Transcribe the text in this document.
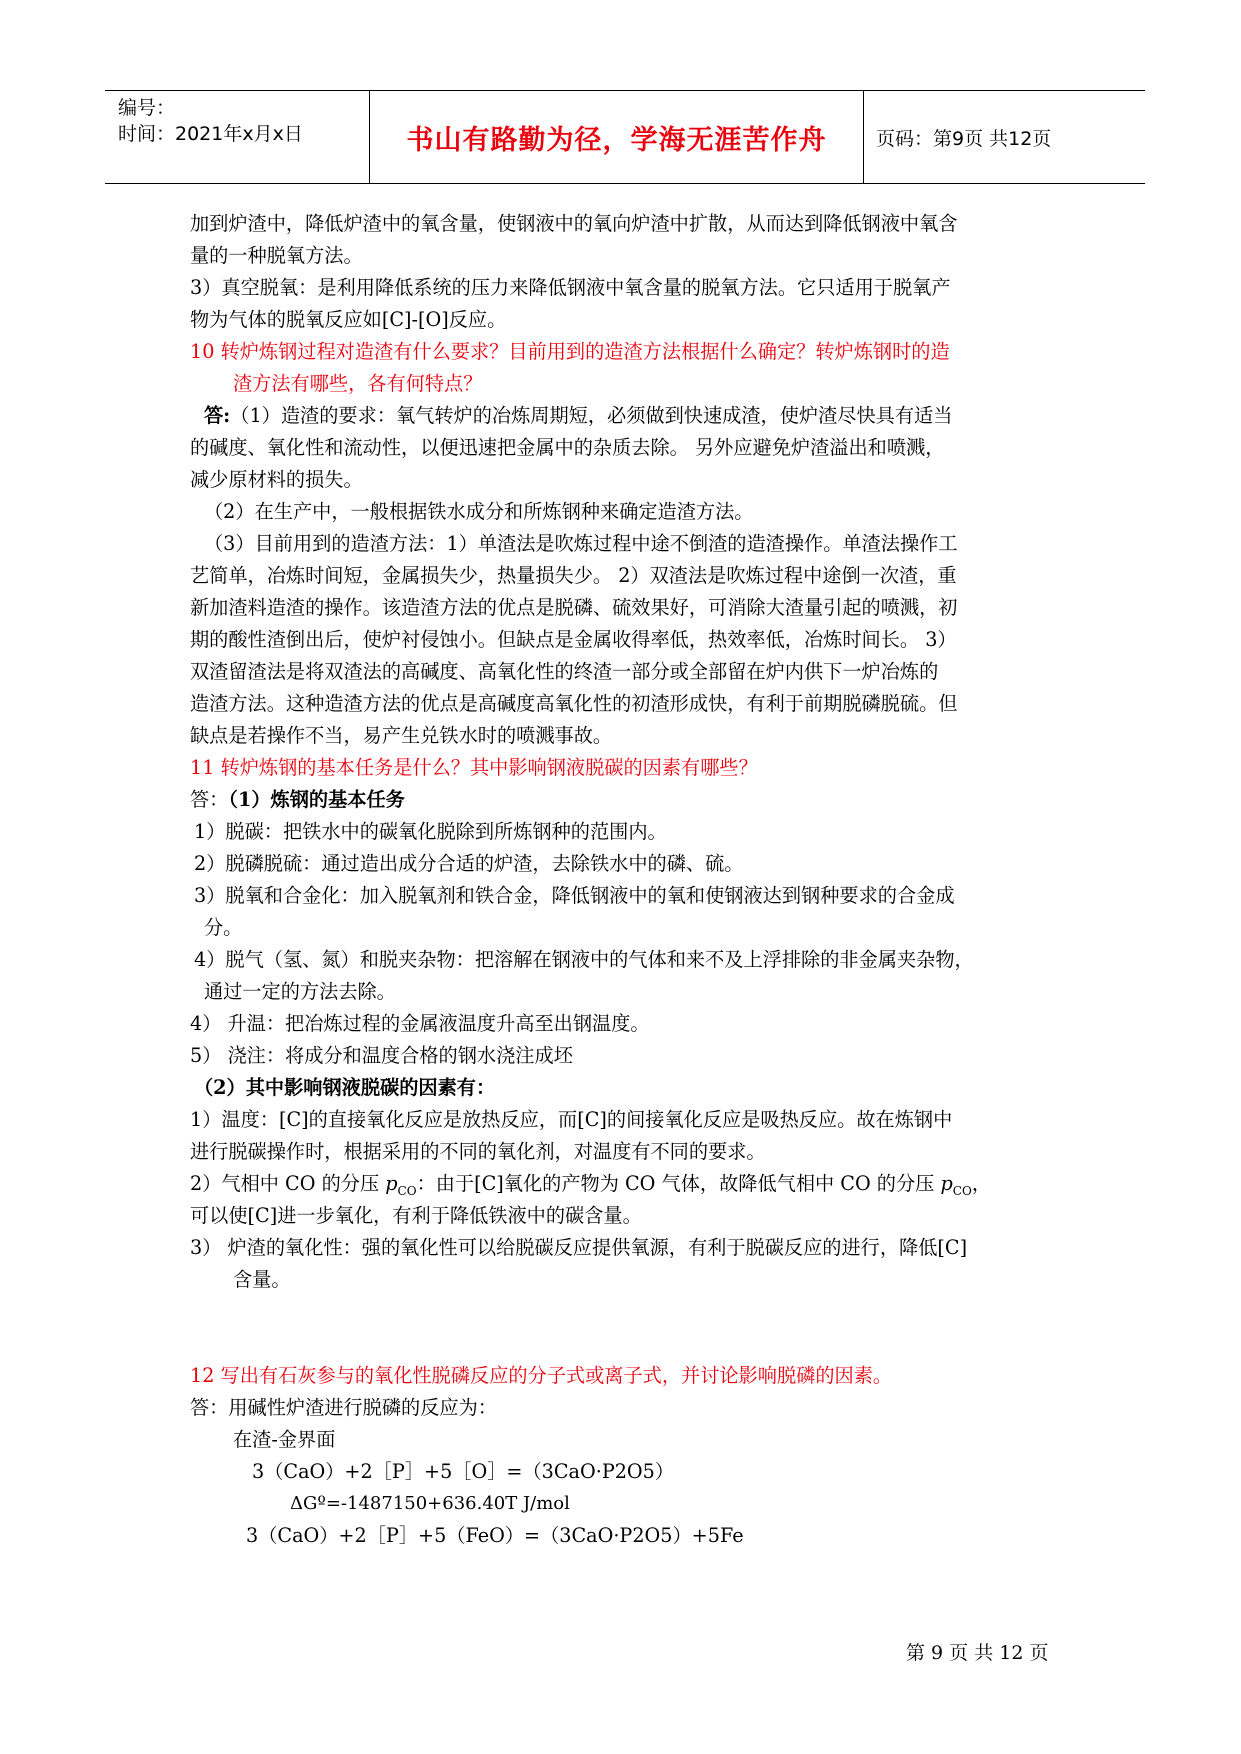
编号：
时间：2021年x月x日	书山有路勤为径，学海无涯苦作舟	页码：第9页 共12页
加到炉渣中，降低炉渣中的氧含量，使钢液中的氧向炉渣中扩散，从而达到降低钢液中氧含
量的一种脱氧方法。
3）真空脱氧：是利用降低系统的压力来降低钢液中氧含量的脱氧方法。它只适用于脱氧产
物为气体的脱氧反应如[C]-[O]反应。
10 转炉炼钢过程对造渣有什么要求？目前用到的造渣方法根据什么确定？转炉炼钢时的造
渣方法有哪些，各有何特点？
答:（1）造渣的要求：氧气转炉的冶炼周期短，必须做到快速成渣，使炉渣尽快具有适当
的碱度、氧化性和流动性，以便迅速把金属中的杂质去除。 另外应避免炉渣溢出和喷溅，
减少原材料的损失。
（2）在生产中，一般根据铁水成分和所炼钢种来确定造渣方法。
（3）目前用到的造渣方法：1）单渣法是吹炼过程中途不倒渣的造渣操作。单渣法操作工
艺简单，冶炼时间短，金属损失少，热量损失少。 2）双渣法是吹炼过程中途倒一次渣，重
新加渣料造渣的操作。该造渣方法的优点是脱磷、硫效果好，可消除大渣量引起的喷溅，初
期的酸性渣倒出后，使炉衬侵蚀小。但缺点是金属收得率低，热效率低，冶炼时间长。 3）
双渣留渣法是将双渣法的高碱度、高氧化性的终渣一部分或全部留在炉内供下一炉冶炼的
造渣方法。这种造渣方法的优点是高碱度高氧化性的初渣形成快，有利于前期脱磷脱硫。但
缺点是若操作不当，易产生兑铁水时的喷溅事故。
11 转炉炼钢的基本任务是什么？其中影响钢液脱碳的因素有哪些？
答：（1）炼钢的基本任务
1）脱碳：把铁水中的碳氧化脱除到所炼钢种的范围内。
2）脱磷脱硫：通过造出成分合适的炉渣，去除铁水中的磷、硫。
3）脱氧和合金化：加入脱氧剂和铁合金，降低钢液中的氧和使钢液达到钢种要求的合金成
分。
4）脱气（氢、氮）和脱夹杂物：把溶解在钢液中的气体和来不及上浮排除的非金属夹杂物，
通过一定的方法去除。
4） 升温：把冶炼过程的金属液温度升高至出钢温度。
5） 浇注：将成分和温度合格的钢水浇注成坯
（2）其中影响钢液脱碳的因素有：
1）温度：[C]的直接氧化反应是放热反应，而[C]的间接氧化反应是吸热反应。故在炼钢中
进行脱碳操作时，根据采用的不同的氧化剂，对温度有不同的要求。
2）气相中 CO 的分压 $p_{CO}$：由于[C]氧化的产物为 CO 气体，故降低气相中 CO 的分压 $p_{CO}$，
可以使[C]进一步氧化，有利于降低铁液中的碳含量。
3） 炉渣的氧化性：强的氧化性可以给脱碳反应提供氧源，有利于脱碳反应的进行，降低[C]
含量。
12 写出有石灰参与的氧化性脱磷反应的分子式或离子式，并讨论影响脱磷的因素。
答：用碱性炉渣进行脱磷的反应为：
在渣-金界面
3（CaO）+2［P］+5［O］=（3CaO·P2O5）
ΔGº=-1487150+636.40T J/mol
3（CaO）+2［P］+5（FeO）=（3CaO·P2O5）+5Fe
第 9 页 共 12 页
